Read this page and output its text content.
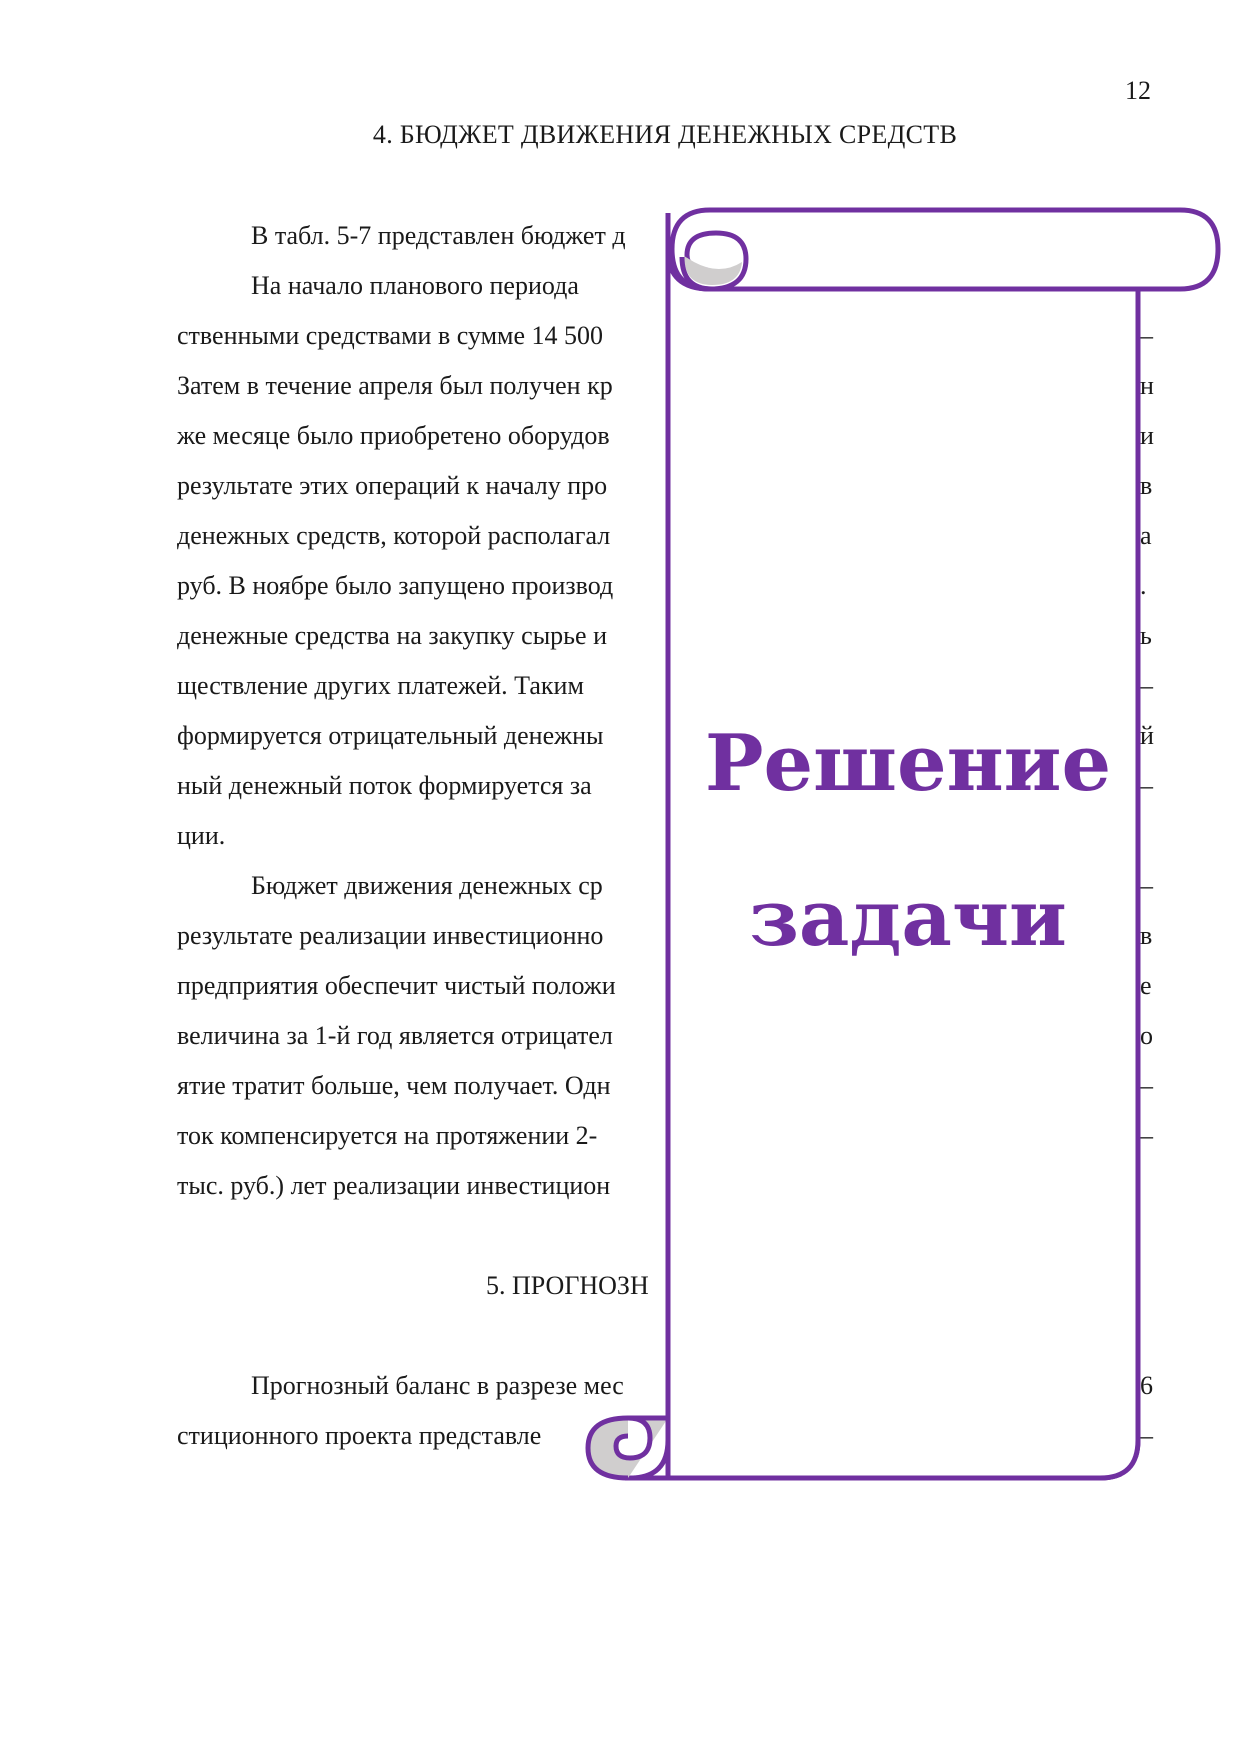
12
4. БЮДЖЕТ ДВИЖЕНИЯ ДЕНЕЖНЫХ СРЕДСТВ
В табл. 5-7 представлен бюджет д
На начало планового периода
ственными средствами в сумме 14 500
Затем в течение апреля был получен кр
же месяце было приобретено оборудов
результате этих операций к началу про
денежных средств, которой располагал
руб. В ноябре было запущено производ
денежные средства на закупку сырье и
ществление других платежей. Таким
формируется отрицательный денежны
ный денежный поток формируется за
ции.
Бюджет движения денежных ср
результате реализации инвестиционно
предприятия обеспечит чистый положи
величина за 1-й год является отрицател
ятие тратит больше, чем получает. Одн
ток компенсируется на протяжении 2-
тыс. руб.) лет реализации инвестицион
5. ПРОГНОЗН
Прогнозный баланс в разрезе мес
стиционного проекта представле
–
н
и
в
а
.
ь
–
й
–
–
в
е
о
–
–
6
–
Решение
задачи
